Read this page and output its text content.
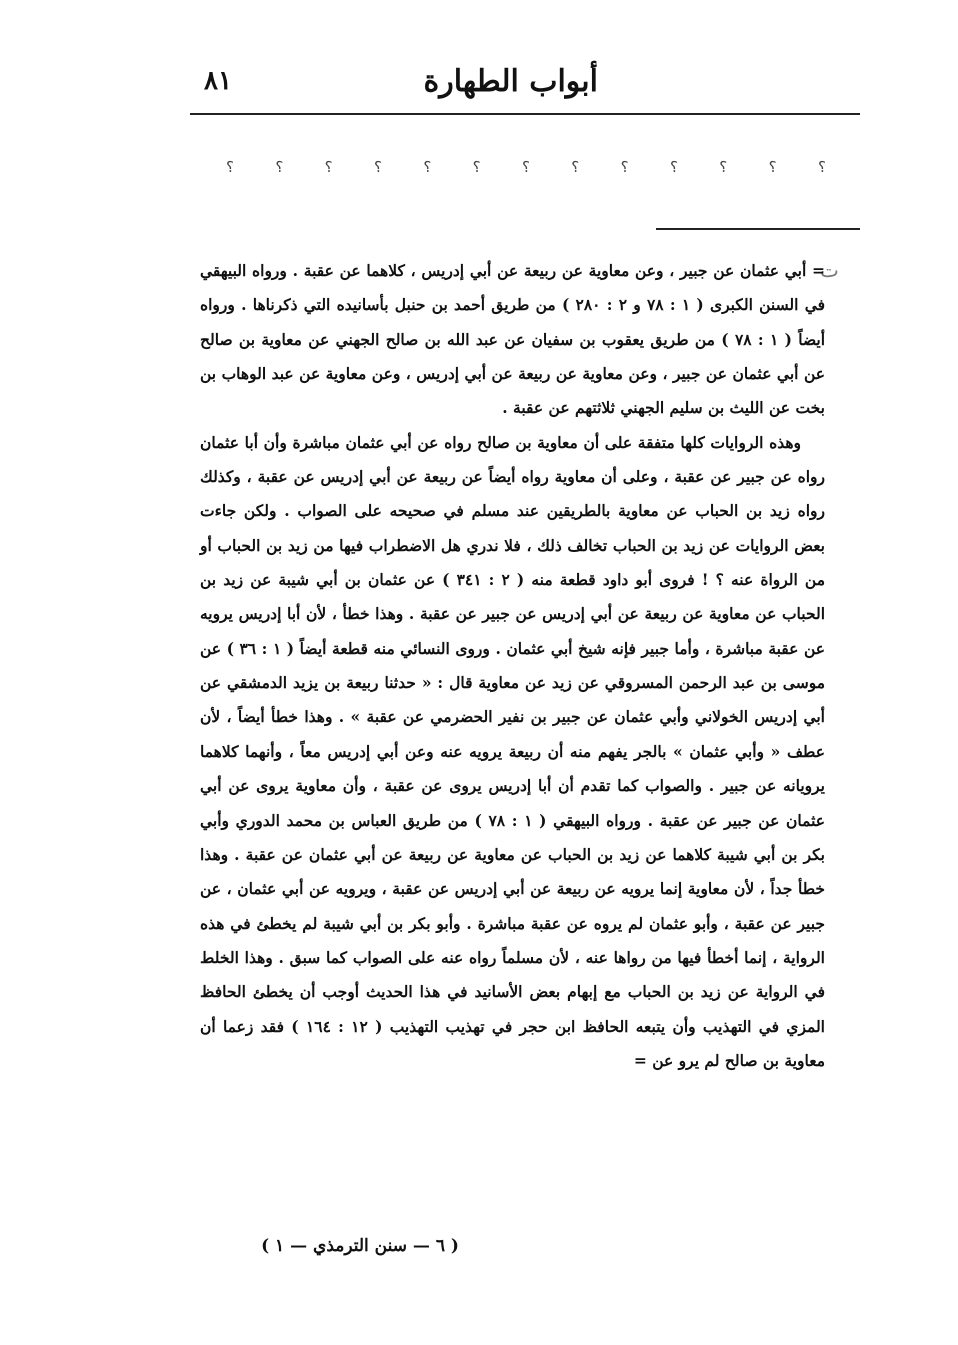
أبواب الطهارة
٨١
؟	؟	؟	؟	؟	؟	؟	؟	؟	؟	؟	؟	؟
ت

= أبي عثمان عن جبير ، وعن معاوية عن ربيعة عن أبي إدريس ، كلاهما عن عقبة . ورواه البيهقي في السنن الكبرى ( ١ : ٧٨ و ٢ : ٢٨٠ ) من طريق أحمد بن حنبل بأسانيده التي ذكرناها . ورواه أيضاً ( ١ : ٧٨ ) من طريق يعقوب بن سفيان عن عبد الله بن صالح الجهني عن معاوية بن صالح عن أبي عثمان عن جبير ، وعن معاوية عن ربيعة عن أبي إدريس ، وعن معاوية عن عبد الوهاب بن بخت عن الليث بن سليم الجهني ثلاثتهم عن عقبة .

وهذه الروايات كلها متفقة على أن معاوية بن صالح رواه عن أبي عثمان مباشرة وأن أبا عثمان رواه عن جبير عن عقبة ، وعلى أن معاوية رواه أيضاً عن ربيعة عن أبي إدريس عن عقبة ، وكذلك رواه زيد بن الحباب عن معاوية بالطريقين عند مسلم في صحيحه على الصواب . ولكن جاءت بعض الروايات عن زيد بن الحباب تخالف ذلك ، فلا ندري هل الاضطراب فيها من زيد بن الحباب أو من الرواة عنه ؟ ! فروى أبو داود قطعة منه ( ٢ : ٣٤١ ) عن عثمان بن أبي شيبة عن زيد بن الحباب عن معاوية عن ربيعة عن أبي إدريس عن جبير عن عقبة . وهذا خطأ ، لأن أبا إدريس يرويه عن عقبة مباشرة ، وأما جبير فإنه شيخ أبي عثمان . وروى النسائي منه قطعة أيضاً ( ١ : ٣٦ ) عن موسى بن عبد الرحمن المسروقي عن زيد عن معاوية قال : « حدثنا ربيعة بن يزيد الدمشقي عن أبي إدريس الخولاني وأبي عثمان عن جبير بن نفير الحضرمي عن عقبة » . وهذا خطأ أيضاً ، لأن عطف « وأبي عثمان » بالجر يفهم منه أن ربيعة يرويه عنه وعن أبي إدريس معاً ، وأنهما كلاهما يرويانه عن جبير . والصواب كما تقدم أن أبا إدريس يروى عن عقبة ، وأن معاوية يروى عن أبي عثمان عن جبير عن عقبة . ورواه البيهقي ( ١ : ٧٨ ) من طريق العباس بن محمد الدوري وأبي بكر بن أبي شيبة كلاهما عن زيد بن الحباب عن معاوية عن ربيعة عن أبي عثمان عن عقبة . وهذا خطأ جداً ، لأن معاوية إنما يرويه عن ربيعة عن أبي إدريس عن عقبة ، ويرويه عن أبي عثمان ، عن جبير عن عقبة ، وأبو عثمان لم يروه عن عقبة مباشرة . وأبو بكر بن أبي شيبة لم يخطئ في هذه الرواية ، إنما أخطأ فيها من رواها عنه ، لأن مسلماً رواه عنه على الصواب كما سبق . وهذا الخلط في الرواية عن زيد بن الحباب مع إبهام بعض الأسانيد في هذا الحديث أوجب أن يخطئ الحافظ المزي في التهذيب وأن يتبعه الحافظ ابن حجر في تهذيب التهذيب ( ١٢ : ١٦٤ ) فقد زعما أن معاوية بن صالح لم يرو عن =

( ٦ — سنن الترمذي — ١ )
